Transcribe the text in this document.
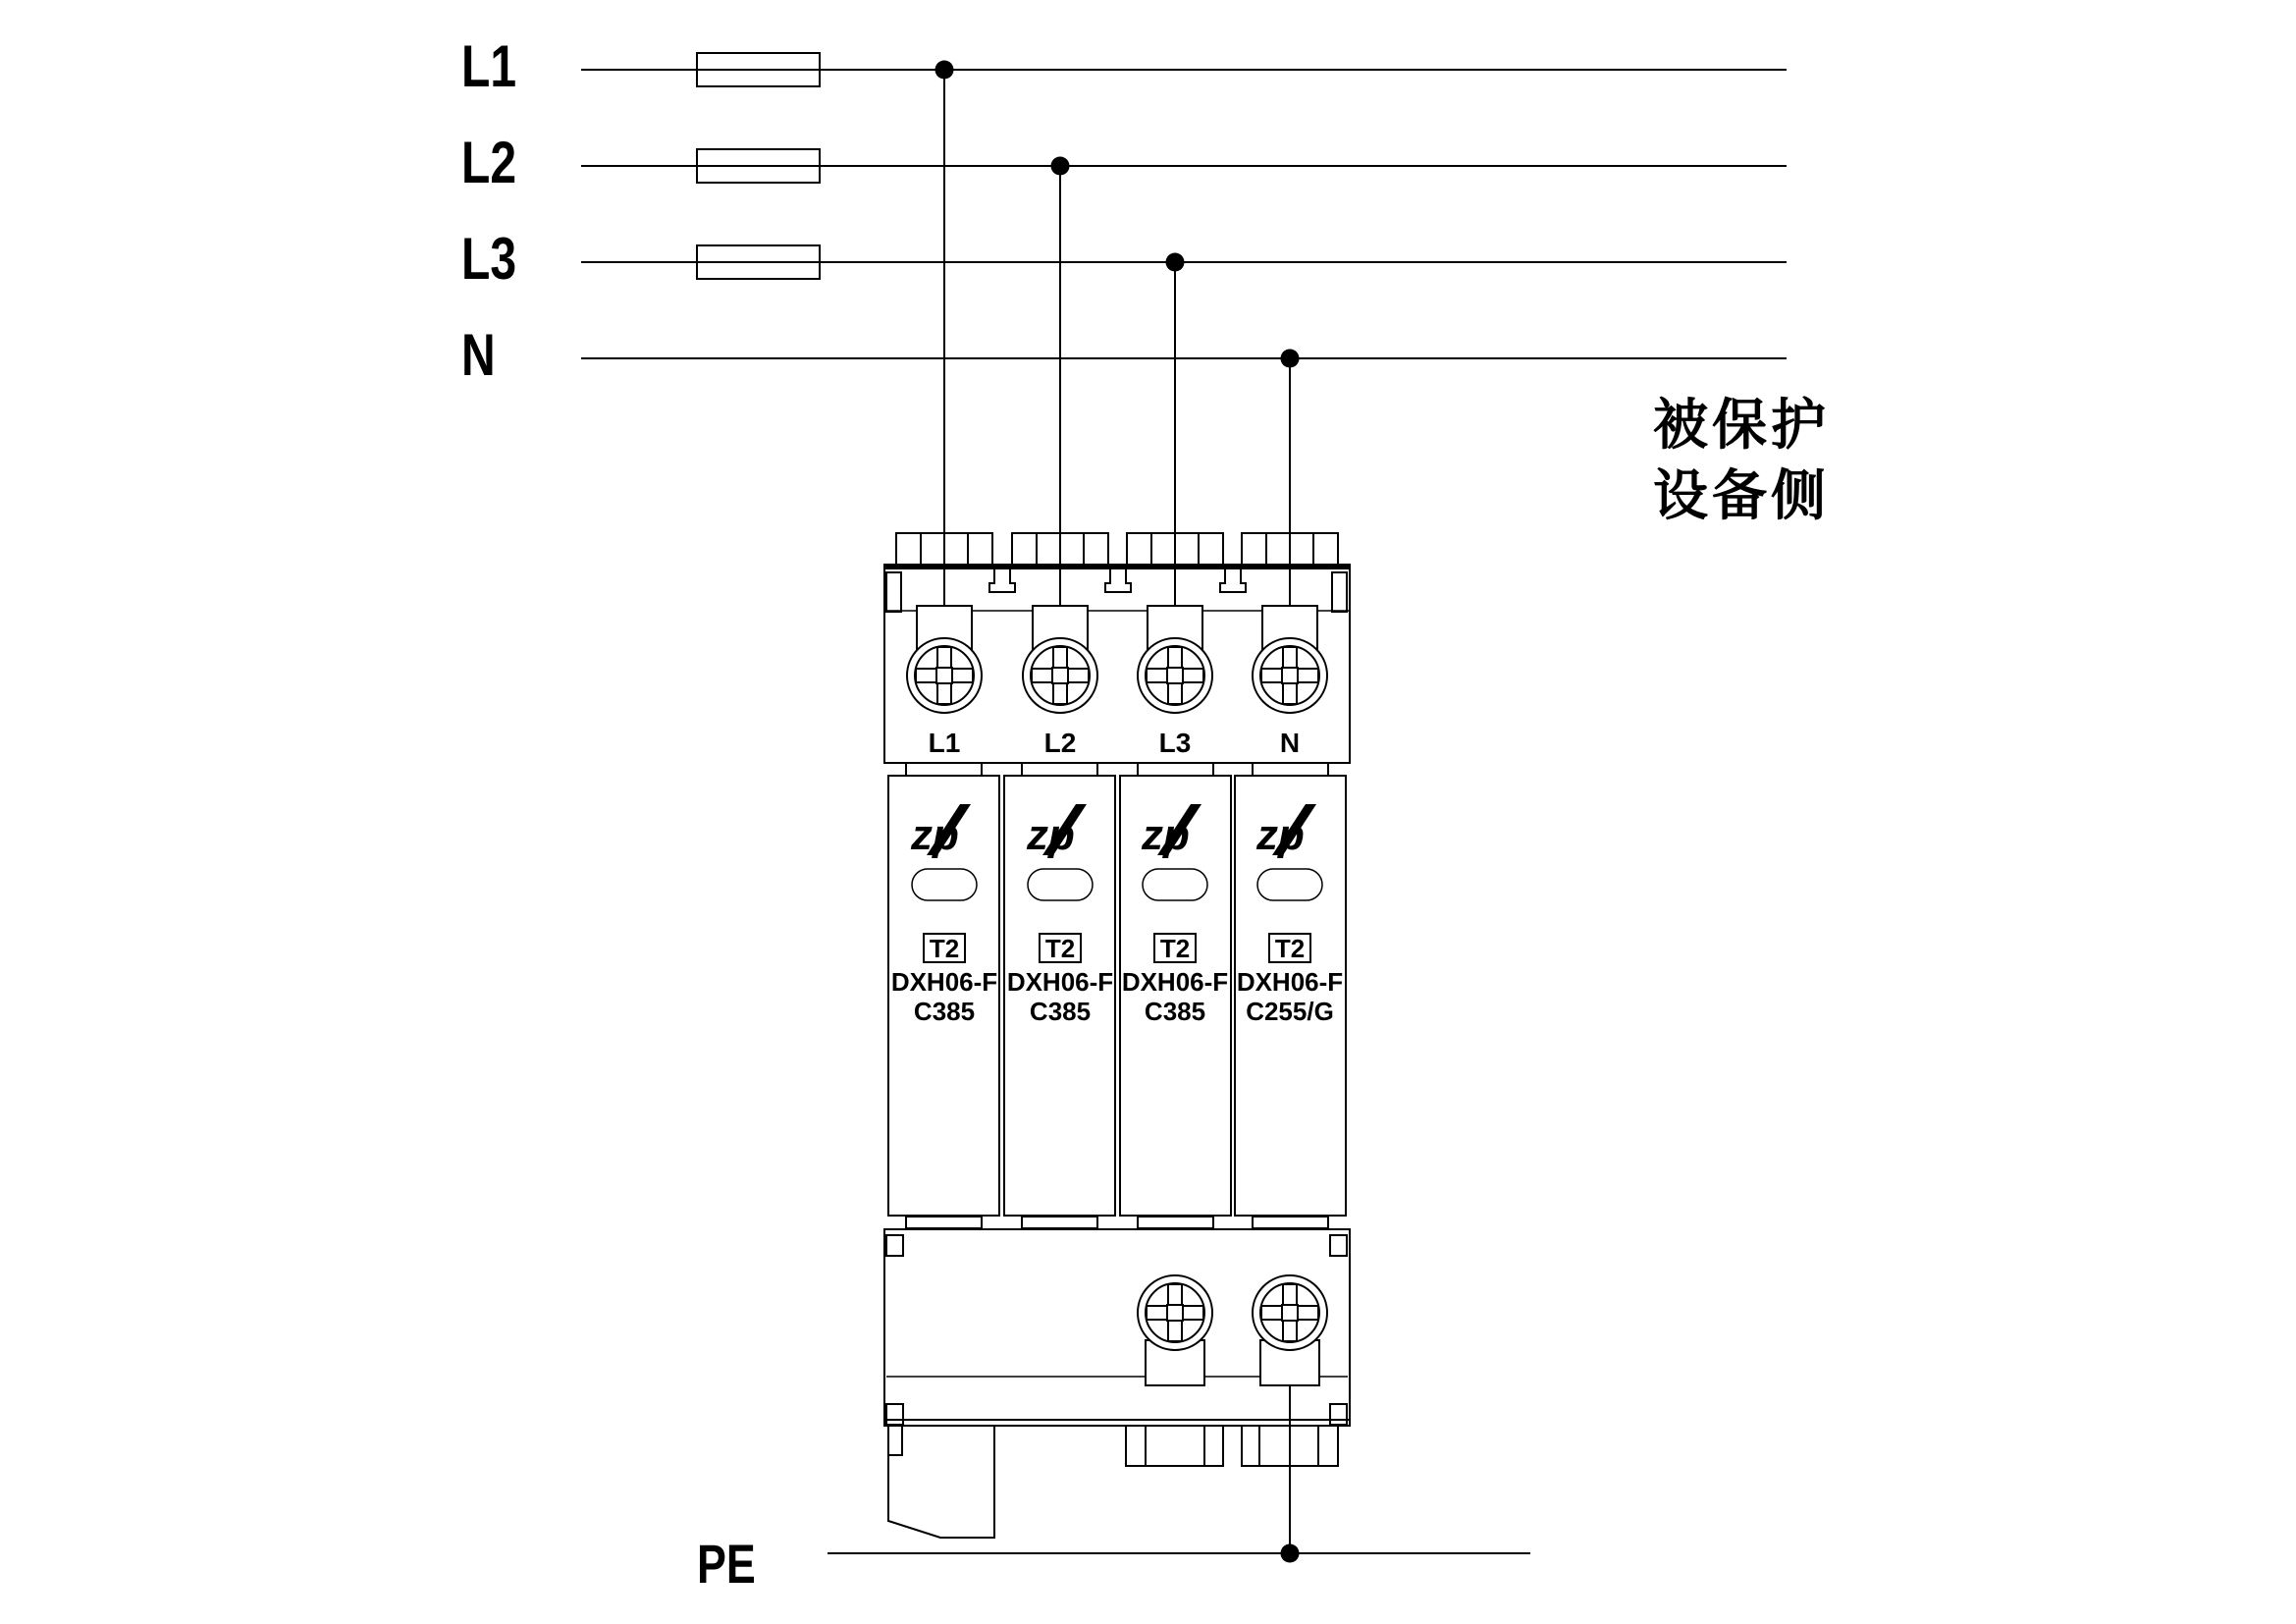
zp	L1
L2
L3
N
被保护
设备侧
L1	L2	L3	N
T2
DXH06-F
C385
T2
DXH06-F
C385
T2
DXH06-F
C385
T2
DXH06-F
C255/G
PE
